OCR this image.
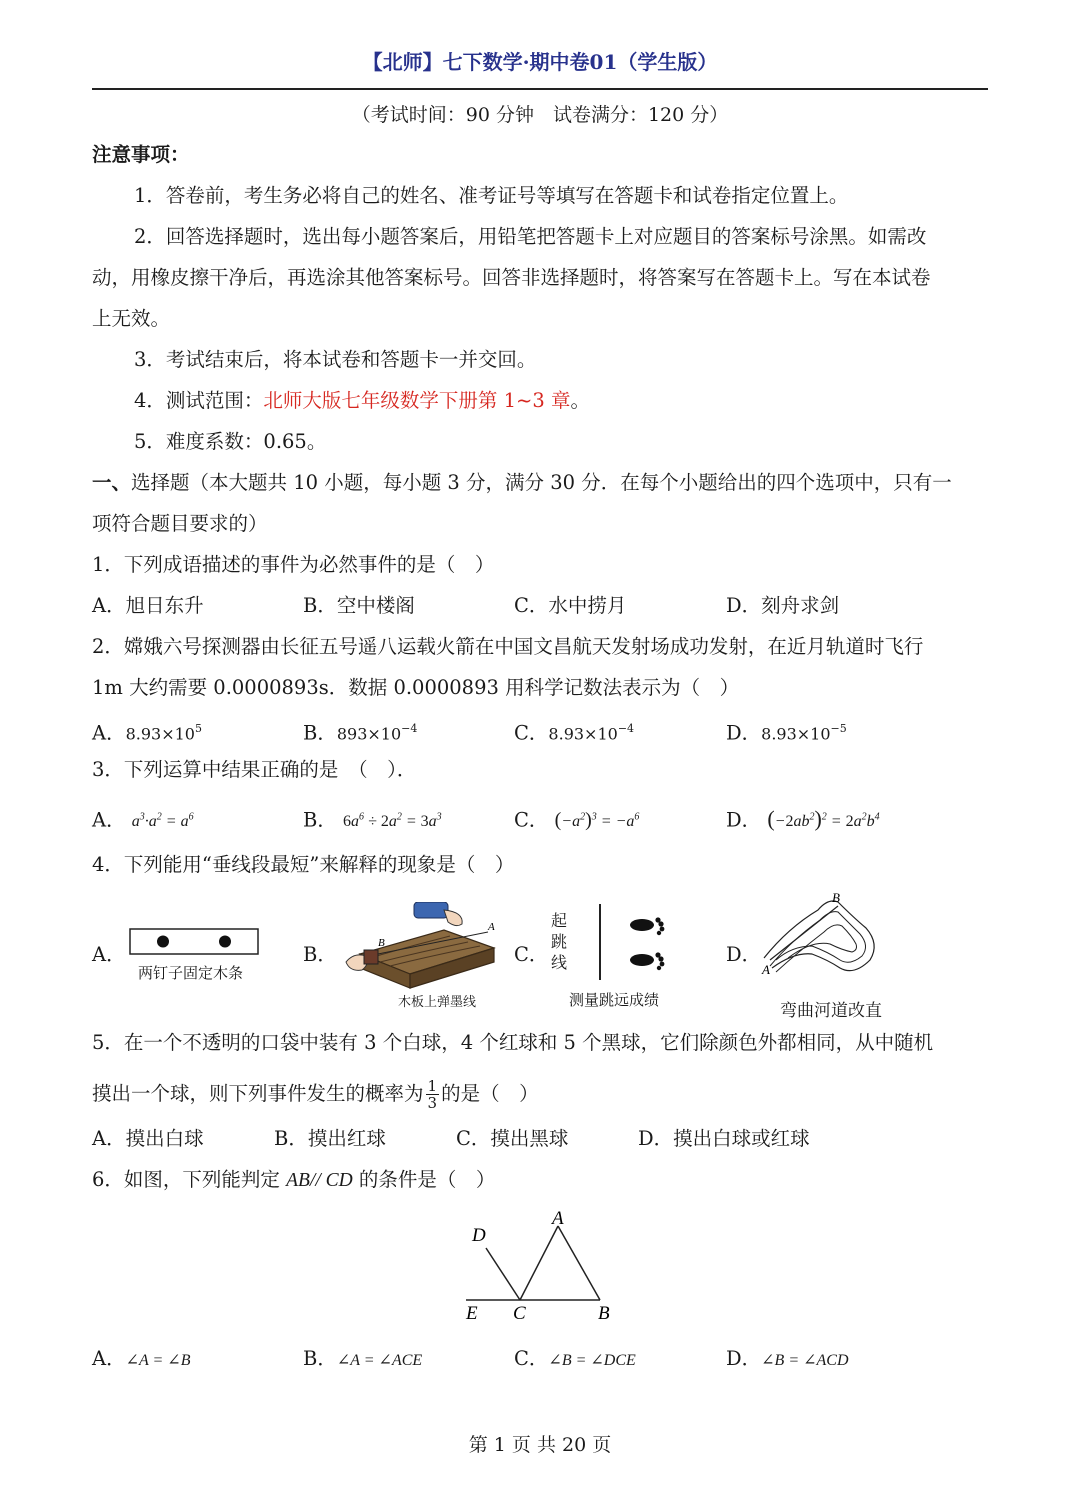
【北师】七下数学·期中卷01（学生版）
（考试时间：90 分钟　试卷满分：120 分）
注意事项：
1．答卷前，考生务必将自己的姓名、准考证号等填写在答题卡和试卷指定位置上。
2．回答选择题时，选出每小题答案后，用铅笔把答题卡上对应题目的答案标号涂黑。如需改
动，用橡皮擦干净后，再选涂其他答案标号。回答非选择题时，将答案写在答题卡上。写在本试卷
上无效。
3．考试结束后，将本试卷和答题卡一并交回。
4．测试范围：北师大版七年级数学下册第 1~3 章。
5．难度系数：0.65。
一、选择题（本大题共 10 小题，每小题 3 分，满分 30 分．在每个小题给出的四个选项中，只有一
项符合题目要求的）
1．下列成语描述的事件为必然事件的是（　）
A．旭日东升	B．空中楼阁	C．水中捞月	D．刻舟求剑
2．嫦娥六号探测器由长征五号遥八运载火箭在中国文昌航天发射场成功发射，在近月轨道时飞行
1m 大约需要 0.0000893s．数据 0.0000893 用科学记数法表示为（　）
A．$8.93\times 10^5$	B．$893\times 10^{-4}$	C．$8.93\times 10^{-4}$	D．$8.93\times 10^{-5}$
3．下列运算中结果正确的是　（　）．
A． $a^3\cdot a^2 = a^6$	B． $6a^6 \div 2a^2 = 3a^3$	C． $(-a^2)^3 = -a^6$	D． $(-2ab^2)^2 = 2a^2b^4$
4．下列能用“垂线段最短”来解释的现象是（　）
A．	B．	C．	D．
两钉子固定木条
A
B
木板上弹墨线
起跳线
测量跳远成绩
B
A
弯曲河道改直
5．在一个不透明的口袋中装有 3 个白球，4 个红球和 5 个黑球，它们除颜色外都相同，从中随机
摸出一个球，则下列事件发生的概率为 $\frac{1}{3}$ 的是（　）
A．摸出白球	B．摸出红球	C．摸出黑球	D．摸出白球或红球
6．如图，下列能判定 AB// CD 的条件是（　）
A
D
E C	B
A．∠A = ∠B	B．∠A = ∠ACE	C．∠B = ∠DCE	D．∠B = ∠ACD
第 1 页 共 20 页
